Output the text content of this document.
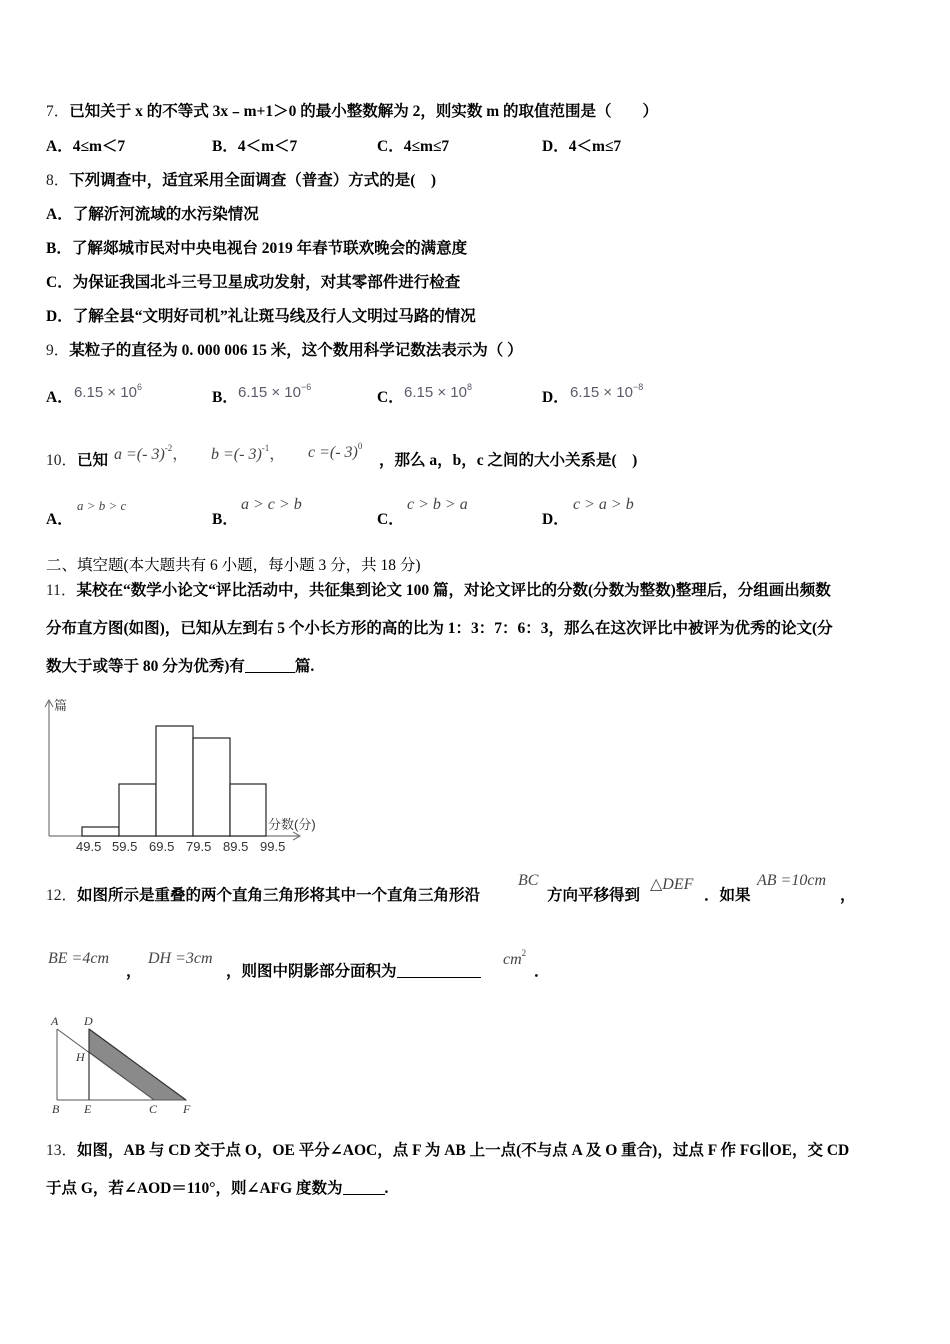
7．已知关于 x 的不等式 3x﹣m+1＞0 的最小整数解为 2，则实数 m 的取值范围是（　　）
A．4≤m＜7	B．4＜m＜7	C．4≤m≤7	D．4＜m≤7
8．下列调查中，适宜采用全面调查（普查）方式的是(　)
A．了解沂河流域的水污染情况
B．了解郯城市民对中央电视台 2019 年春节联欢晚会的满意度
C．为保证我国北斗三号卫星成功发射，对其零部件进行检查
D．了解全县“文明好司机”礼让斑马线及行人文明过马路的情况
9．某粒子的直径为 0. 000 006 15 米，这个数用科学记数法表示为（ ）
A． $6.15 \times 10^6$
B． $6.15 \times 10^{-6}$
C． $6.15 \times 10^8$
D． $6.15 \times 10^{-8}$
10．已知 a =(- 3)$^{-2}$， b =(- 3)$^{-1}$， c =(- 3)$^0$
，那么 a，b，c 之间的大小关系是(　)
A．
a > b > c
B．
a > c > b
C．
c > b > a
D．
c > a > b
二、填空题(本大题共有 6 小题，每小题 3 分，共 18 分)
11．某校在“数学小论文“评比活动中，共征集到论文 100 篇，对论文评比的分数(分数为整数)整理后，分组画出频数
分布直方图(如图)，已知从左到右 5 个小长方形的高的比为 1：3：7：6：3，那么在这次评比中被评为优秀的论文(分
数大于或等于 80 分为优秀)有	篇.
篇
分数(分)
49.5 59.5 69.5 79.5 89.5 99.5
12．如图所示是重叠的两个直角三角形将其中一个直角三角形沿
BC
方向平移得到
△DEF
．如果
AB =10cm
，
BE =4cm
，
DH =3cm
，则图中阴影部分面积为
$cm^2$
．
A D
H
B E	C F
13．如图，AB 与 CD 交于点 O，OE 平分∠AOC，点 F 为 AB 上一点(不与点 A 及 O 重合)，过点 F 作 FG∥OE，交 CD
于点 G，若∠AOD＝110°，则∠AFG 度数为	.
